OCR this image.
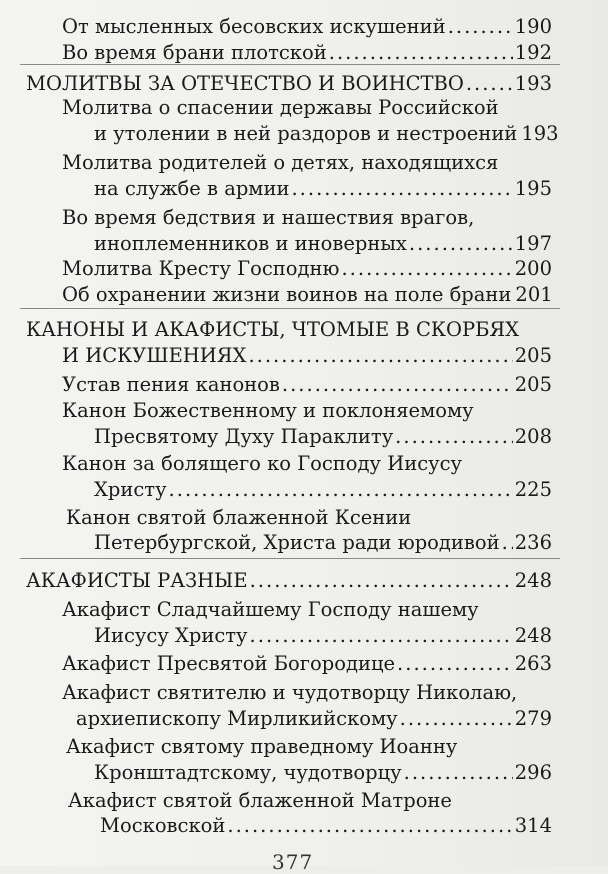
От мысленных бесовских искушений .....	190
Во время брани плотской .....	192
МОЛИТВЫ ЗА ОТЕЧЕСТВО И ВОИНСТВО .....	193
Молитва о спасении державы Российской
и утолении в ней раздоров и нестроений 193
Молитва родителей о детях, находящихся
на службе в армии .....	195
Во время бедствия и нашествия врагов,
иноплеменников и иноверных .....	197
Молитва Кресту Господню .....	200
Об охранении жизни воинов на поле брани 201
КАНОНЫ И АКАФИСТЫ, ЧТОМЫЕ В СКОРБЯХ
И ИСКУШЕНИЯХ .....	205
Устав пения канонов .....	205
Канон Божественному и поклоняемому
Пресвятому Духу Параклиту .....	208
Канон за болящего ко Господу Иисусу
Христу .....	225
Канон святой блаженной Ксении
Петербургской, Христа ради юродивой ..... 236
АКАФИСТЫ РАЗНЫЕ .....	248
Акафист Сладчайшему Господу нашему
Иисусу Христу .....	248
Акафист Пресвятой Богородице .....	263
Акафист святителю и чудотворцу Николаю,
архиепископу Мирликийскому .....	279
Акафист святому праведному Иоанну
Кронштадтскому, чудотворцу .....	296
Акафист святой блаженной Матроне
Московской .....	314
377
